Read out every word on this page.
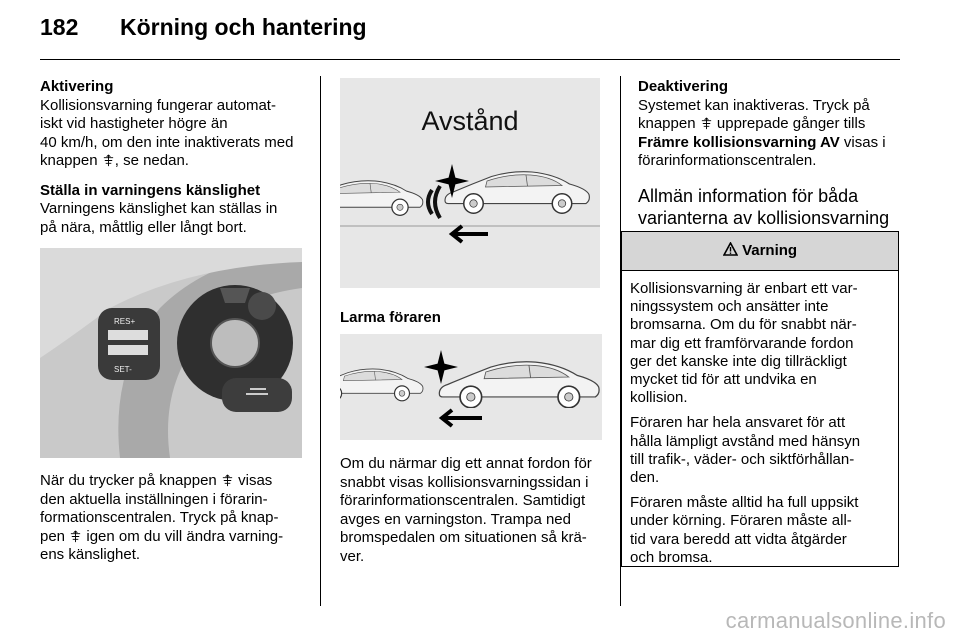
182 Körning och hantering

Aktivering

Kollisionsvarning fungerar automat-

iskt vid hastigheter högre än

40 km/h, om den inte inaktiverats med

knappen , se nedan.

Ställa in varningens känslighet

Varningens känslighet kan ställas in

på nära, måttlig eller långt bort.

RES+
SET-

När du trycker på knappen  visas

den aktuella inställningen i förarin-

formationscentralen. Tryck på knap-

pen  igen om du vill ändra varning-

ens känslighet.

Avstånd

Larma föraren

Om du närmar dig ett annat fordon för

snabbt visas kollisionsvarningssidan i

förarinformationscentralen. Samtidigt

avges en varningston. Trampa ned

bromspedalen om situationen så krä-

ver.

Deaktivering

Systemet kan inaktiveras. Tryck på

knappen  upprepade gånger tills

Främre kollisionsvarning AV visas i

förarinformationscentralen.

Allmän information för båda

varianterna av kollisionsvarning

Varning

Kollisionsvarning är enbart ett var-
ningssystem och ansätter inte
bromsarna. Om du för snabbt när-
mar dig ett framförvarande fordon
ger det kanske inte dig tillräckligt
mycket tid för att undvika en
kollision.

Föraren har hela ansvaret för att
hålla lämpligt avstånd med hänsyn
till trafik-, väder- och siktförhållan-
den.

Föraren måste alltid ha full uppsikt
under körning. Föraren måste all-
tid vara beredd att vidta åtgärder
och bromsa.

carmanualsonline.info
